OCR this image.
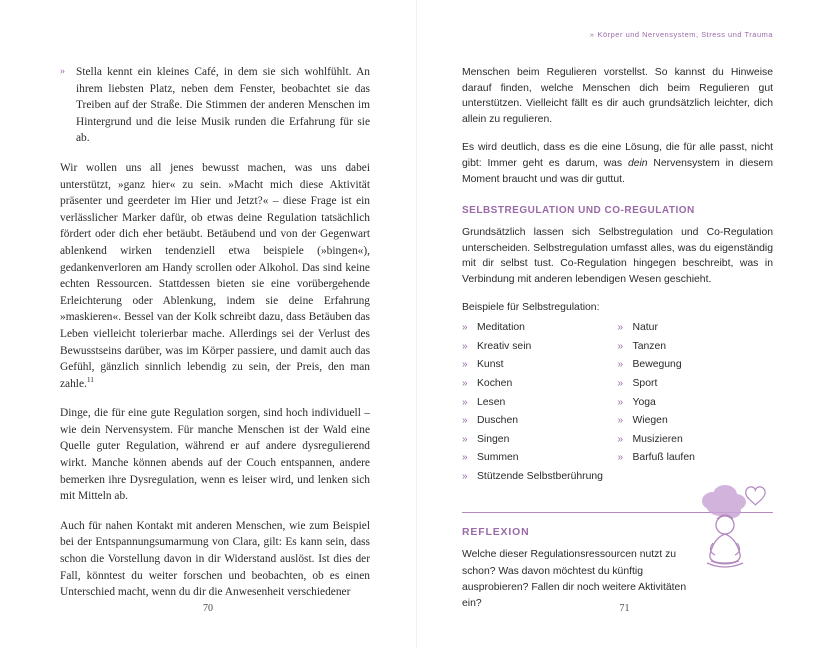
» Stella kennt ein kleines Café, in dem sie sich wohlfühlt. An ihrem liebsten Platz, neben dem Fenster, beobachtet sie das Treiben auf der Straße. Die Stimmen der anderen Menschen im Hintergrund und die leise Musik runden die Erfahrung für sie ab.

Wir wollen uns all jenes bewusst machen, was uns dabei unterstützt, »ganz hier« zu sein. »Macht mich diese Aktivität präsenter und geerdeter im Hier und Jetzt?« – diese Frage ist ein verlässlicher Marker dafür, ob etwas deine Regulation tatsächlich fördert oder dich eher betäubt. Betäubend und von der Gegenwart ablenkend wirken tendenziell etwa beispiele (»bingen«), gedankenverloren am Handy scrollen oder Alkohol. Das sind keine echten Ressourcen. Stattdessen bieten sie eine vorübergehende Erleichterung oder Ablenkung, indem sie deine Erfahrung »maskieren«. Bessel van der Kolk schreibt dazu, dass Betäuben das Leben vielleicht tolerierbar mache. Allerdings sei der Verlust des Bewusstseins darüber, was im Körper passiere, und damit auch das Gefühl, gänzlich sinnlich lebendig zu sein, der Preis, den man zahle.$^{11}$

Dinge, die für eine gute Regulation sorgen, sind hoch individuell – wie dein Nervensystem. Für manche Menschen ist der Wald eine Quelle guter Regulation, während er auf andere dysregulierend wirkt. Manche können abends auf der Couch entspannen, andere bemerken ihre Dysregulation, wenn es leiser wird, und lenken sich mit Mitteln ab.

Auch für nahen Kontakt mit anderen Menschen, wie zum Beispiel bei der Entspannungsumarmung von Clara, gilt: Es kann sein, dass schon die Vorstellung davon in dir Widerstand auslöst. Ist dies der Fall, könntest du weiter forschen und beobachten, ob es einen Unterschied macht, wenn du dir die Anwesenheit verschiedener

70
» Körper und Nervensystem, Stress und Trauma

Menschen beim Regulieren vorstellst. So kannst du Hinweise darauf finden, welche Menschen dich beim Regulieren gut unterstützen. Vielleicht fällt es dir auch grundsätzlich leichter, dich allein zu regulieren.

Es wird deutlich, dass es die eine Lösung, die für alle passt, nicht gibt: Immer geht es darum, was dein Nervensystem in diesem Moment braucht und was dir guttut.

SELBSTREGULATION UND CO-REGULATION

Grundsätzlich lassen sich Selbstregulation und Co-Regulation unterscheiden. Selbstregulation umfasst alles, was du eigenständig mit dir selbst tust. Co-Regulation hingegen beschreibt, was in Verbindung mit anderen lebendigen Wesen geschieht.

Beispiele für Selbstregulation:

» Meditation
» Kreativ sein
» Kunst
» Kochen
» Lesen
» Duschen
» Singen
» Summen
» Natur
» Tanzen
» Bewegung
» Sport
» Yoga
» Wiegen
» Musizieren
» Barfuß laufen
» Stützende Selbstberührung
REFLEXION

Welche dieser Regulationsressourcen nutzt zu schon? Was davon möchtest du künftig ausprobieren? Fallen dir noch weitere Aktivitäten ein?	71
